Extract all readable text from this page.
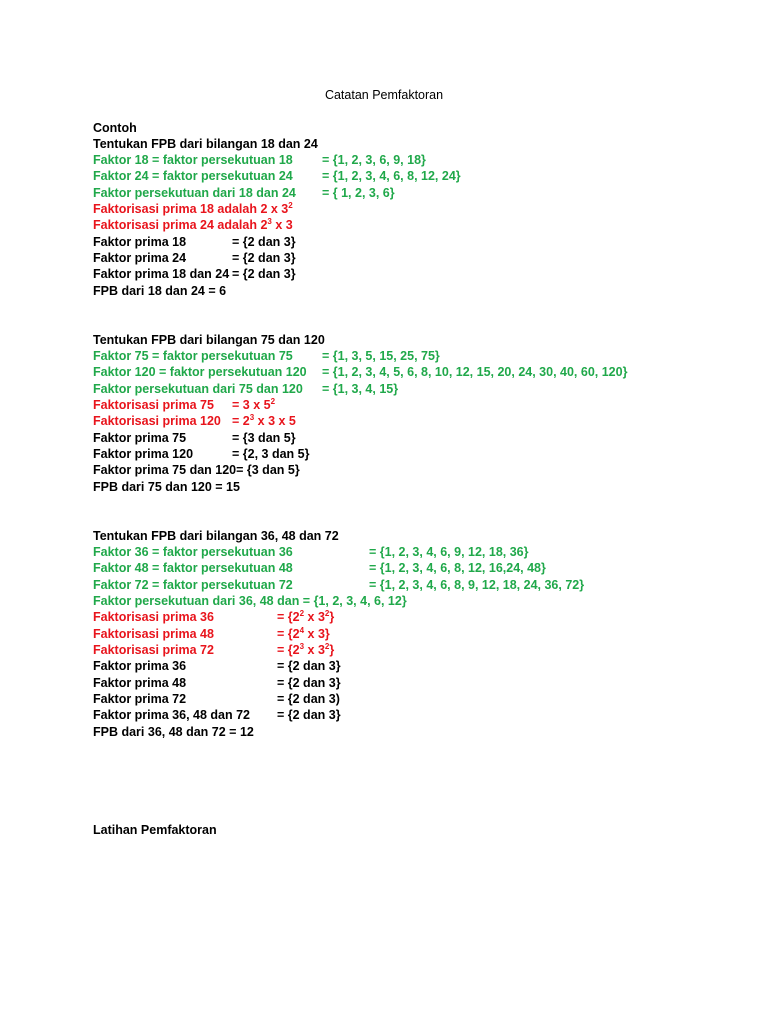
Catatan Pemfaktoran
Contoh
Tentukan FPB dari bilangan 18 dan 24
Faktor 18 = faktor persekutuan 18 = {1, 2, 3, 6, 9, 18}
Faktor 24 = faktor persekutuan 24 = {1, 2, 3, 4, 6, 8, 12, 24}
Faktor persekutuan dari 18 dan 24 = { 1, 2, 3, 6}
Faktorisasi prima 18 adalah 2 x $3^2$
Faktorisasi prima 24 adalah $2^3$ x 3
Faktor prima 18	= {2 dan 3}
Faktor prima 24	= {2 dan 3}
Faktor prima 18 dan 24 = {2 dan 3}
FPB dari 18 dan 24 = 6
Tentukan FPB dari bilangan 75 dan 120
Faktor 75 = faktor persekutuan 75 = {1, 3, 5, 15, 25, 75}
Faktor 120 = faktor persekutuan 120 = {1, 2, 3, 4, 5, 6, 8, 10, 12, 15, 20, 24, 30, 40, 60, 120}
Faktor persekutuan dari 75 dan 120 = {1, 3, 4, 15}
Faktorisasi prima 75 = 3 x $5^2$
Faktorisasi prima $120 = 2^3$ x 3 x 5
Faktor prima 75	= {3 dan 5}
Faktor prima 120	= {2, 3 dan 5}
Faktor prima 75 dan 120= {3 dan 5}
FPB dari 75 dan 120 = 15
Tentukan FPB dari bilangan 36, 48 dan 72
Faktor 36 = faktor persekutuan 36	= {1, 2, 3, 4, 6, 9, 12, 18, 36}
Faktor 48 = faktor persekutuan 48	= {1, 2, 3, 4, 6, 8, 12, 16,24, 48}
Faktor 72 = faktor persekutuan 72	= {1, 2, 3, 4, 6, 8, 9, 12, 18, 24, 36, 72}
Faktor persekutuan dari 36, 48 dan = {1, 2, 3, 4, 6, 12}
Faktorisasi prima 36	= {$2^2$ x $3^2$}
Faktorisasi prima 48	= {$2^4$ x 3}
Faktorisasi prima 72	= {$2^3$ x $3^2$}
Faktor prima 36	= {2 dan 3}
Faktor prima 48	= {2 dan 3}
Faktor prima 72	= {2 dan 3)
Faktor prima 36, 48 dan 72 = {2 dan 3}
FPB dari 36, 48 dan 72 = 12
Latihan Pemfaktoran
